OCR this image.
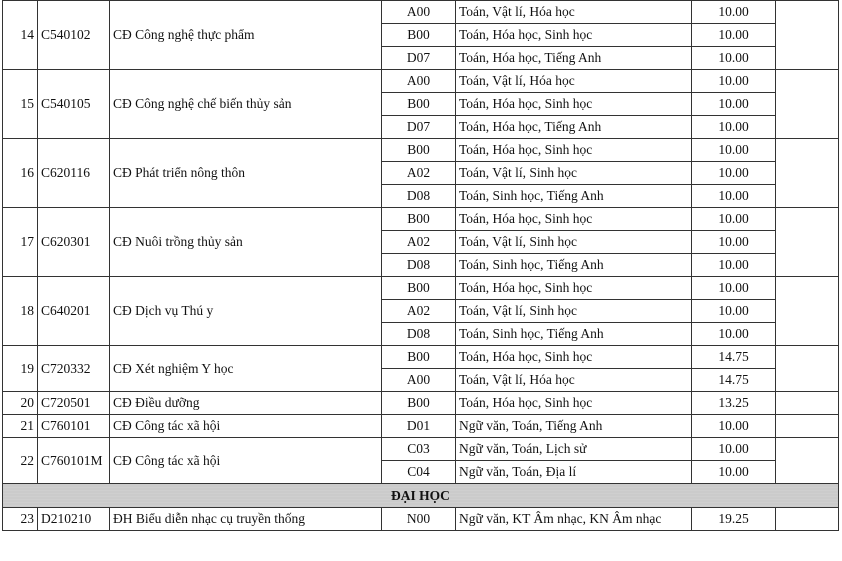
14	C540102	CĐ Công nghệ thực phẩm	A00	Toán, Vật lí, Hóa học	10.00	
			B00	Toán, Hóa học, Sinh học	10.00	
			D07	Toán, Hóa học, Tiếng Anh	10.00	
15	C540105	CĐ Công nghệ chế biến thủy sản	A00	Toán, Vật lí, Hóa học	10.00	
			B00	Toán, Hóa học, Sinh học	10.00	
			D07	Toán, Hóa học, Tiếng Anh	10.00	
16	C620116	CĐ Phát triển nông thôn	B00	Toán, Hóa học, Sinh học	10.00	
			A02	Toán, Vật lí, Sinh học	10.00	
			D08	Toán, Sinh học, Tiếng Anh	10.00	
17	C620301	CĐ Nuôi trồng thủy sản	B00	Toán, Hóa học, Sinh học	10.00	
			A02	Toán, Vật lí, Sinh học	10.00	
			D08	Toán, Sinh học, Tiếng Anh	10.00	
18	C640201	CĐ Dịch vụ Thú y	B00	Toán, Hóa học, Sinh học	10.00	
			A02	Toán, Vật lí, Sinh học	10.00	
			D08	Toán, Sinh học, Tiếng Anh	10.00	
19	C720332	CĐ Xét nghiệm Y học	B00	Toán, Hóa học, Sinh học	14.75	
			A00	Toán, Vật lí, Hóa học	14.75	
20	C720501	CĐ Điều dưỡng	B00	Toán, Hóa học, Sinh học	13.25	
21	C760101	CĐ Công tác xã hội	D01	Ngữ văn, Toán, Tiếng Anh	10.00	
22	C760101M	CĐ Công tác xã hội	C03	Ngữ văn, Toán, Lịch sử	10.00	
			C04	Ngữ văn, Toán, Địa lí	10.00	
ĐẠI HỌC						
23	D210210	ĐH Biểu diễn nhạc cụ truyền thống	N00	Ngữ văn, KT Âm nhạc, KN Âm nhạc	19.25	
